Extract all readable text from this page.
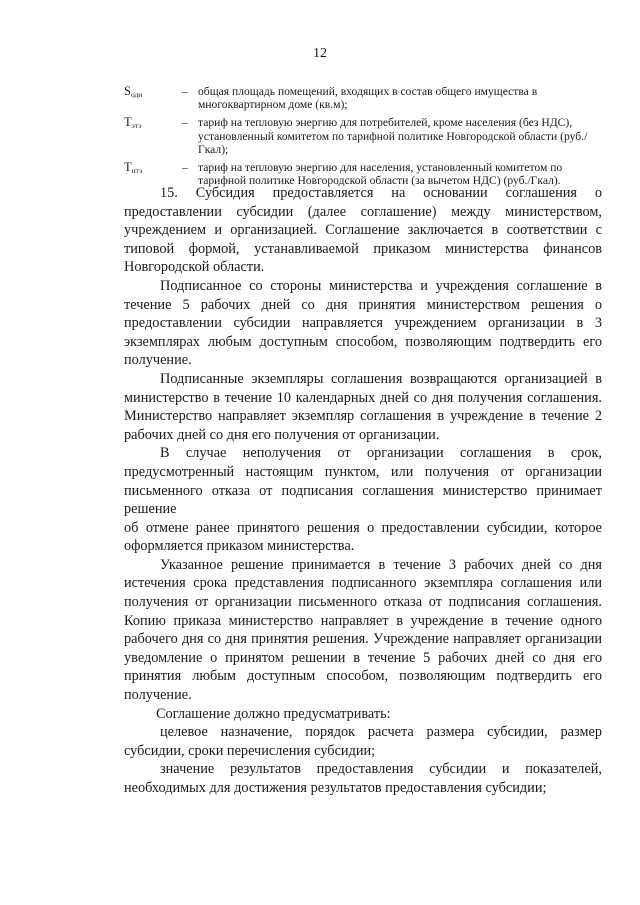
12
$S_{оди}$	– общая площадь помещений, входящих в состав общего имущества в многоквартирном доме (кв.м);
$T_{этэ}$	– тариф на тепловую энергию для потребителей, кроме населения (без НДС), установленный комитетом по тарифной политике Новгородской области (руб./Гкал);
$T_{нтэ}$	– тариф на тепловую энергию для населения, установленный комитетом по тарифной политике Новгородской области (за вычетом НДС) (руб./Гкал).

15. Субсидия предоставляется на основании соглашения о предоставлении субсидии (далее соглашение) между министерством, учреждением и организацией. Соглашение заключается в соответствии с типовой формой, устанавливаемой приказом министерства финансов Новгородской области.

Подписанное со стороны министерства и учреждения соглашение в течение 5 рабочих дней со дня принятия министерством решения о предоставлении субсидии направляется учреждением организации в 3 экземплярах любым доступным способом, позволяющим подтвердить его получение.

Подписанные экземпляры соглашения возвращаются организацией в министерство в течение 10 календарных дней со дня получения соглашения. Министерство направляет экземпляр соглашения в учреждение в течение 2 рабочих дней со дня его получения от организации.

В случае неполучения от организации соглашения в срок, предусмотренный настоящим пунктом, или получения от организации письменного отказа от подписания соглашения министерство принимает решение

об отмене ранее принятого решения о предоставлении субсидии, которое оформляется приказом министерства.

Указанное решение принимается в течение 3 рабочих дней со дня истечения срока представления подписанного экземпляра соглашения или получения от организации письменного отказа от подписания соглашения. Копию приказа министерство направляет в учреждение в течение одного рабочего дня со дня принятия решения. Учреждение направляет организации уведомление о принятом решении в течение 5 рабочих дней со дня его принятия любым доступным способом, позволяющим подтвердить его получение.

Соглашение должно предусматривать:

целевое назначение, порядок расчета размера субсидии, размер субсидии, сроки перечисления субсидии;

значение результатов предоставления субсидии и показателей, необходимых для достижения результатов предоставления субсидии;
